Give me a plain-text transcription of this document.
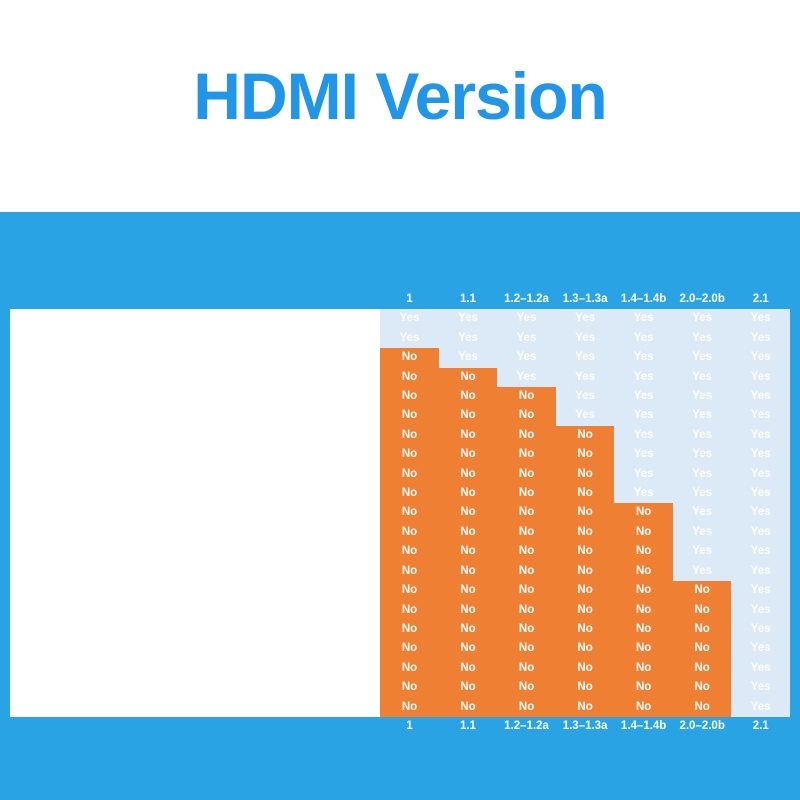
HDMI Version
	1	1.1	1.2–1.2a	1.3–1.3a	1.4–1.4b	2.0–2.0b	2.1
Full HD Blu-ray Disc and HD DVD video	Yes	Yes	Yes	Yes	Yes	Yes	Yes
Consumer Electronic Control (CEC)	Yes	Yes	Yes	Yes	Yes	Yes	Yes
DVD-Audio	No	Yes	Yes	Yes	Yes	Yes	Yes
Super Audio CD (DSD)	No	No	Yes	Yes	Yes	Yes	Yes
Auto lip-sync	No	No	No	Yes	Yes	Yes	Yes
Dolby TrueHD / DTS-HD Master Audio bitstream capable	No	No	No	Yes	Yes	Yes	Yes
Updated list of CEC commands	No	No	No	No	Yes	Yes	Yes
3D video	No	No	No	No	Yes	Yes	Yes
Ethernet channel (100 Mbit/s)	No	No	No	No	Yes	Yes	Yes
Audio return channel (ARC)	No	No	No	No	Yes	Yes	Yes
4 audio streams	No	No	No	No	No	Yes	Yes
2 video streams (Dual View)	No	No	No	No	No	Yes	Yes
Hybrid Log-Gamma (HLG) HDR OETF	No	No	No	No	No	Yes	Yes
Static HDR (HDR static metadata)	No	No	No	No	No	Yes	Yes
Dynamic HDR (HDR dynamic metadata)	No	No	No	No	No	No	Yes
Enhanced Audio Return Channel (eARC)	No	No	No	No	No	No	Yes
Variable Refresh Rate (VRR)	No	No	No	No	No	No	Yes
Quick Media Switching (QMS)	No	No	No	No	No	No	Yes
Quick Frame Transport (QFT)	No	No	No	No	No	No	Yes
Auto Low Latency Mode (ALLM)	No	No	No	No	No	No	Yes
VESA DSC 1.2a	No	No	No	No	No	No	Yes
	1	1.1	1.2–1.2a	1.3–1.3a	1.4–1.4b	2.0–2.0b	2.1
